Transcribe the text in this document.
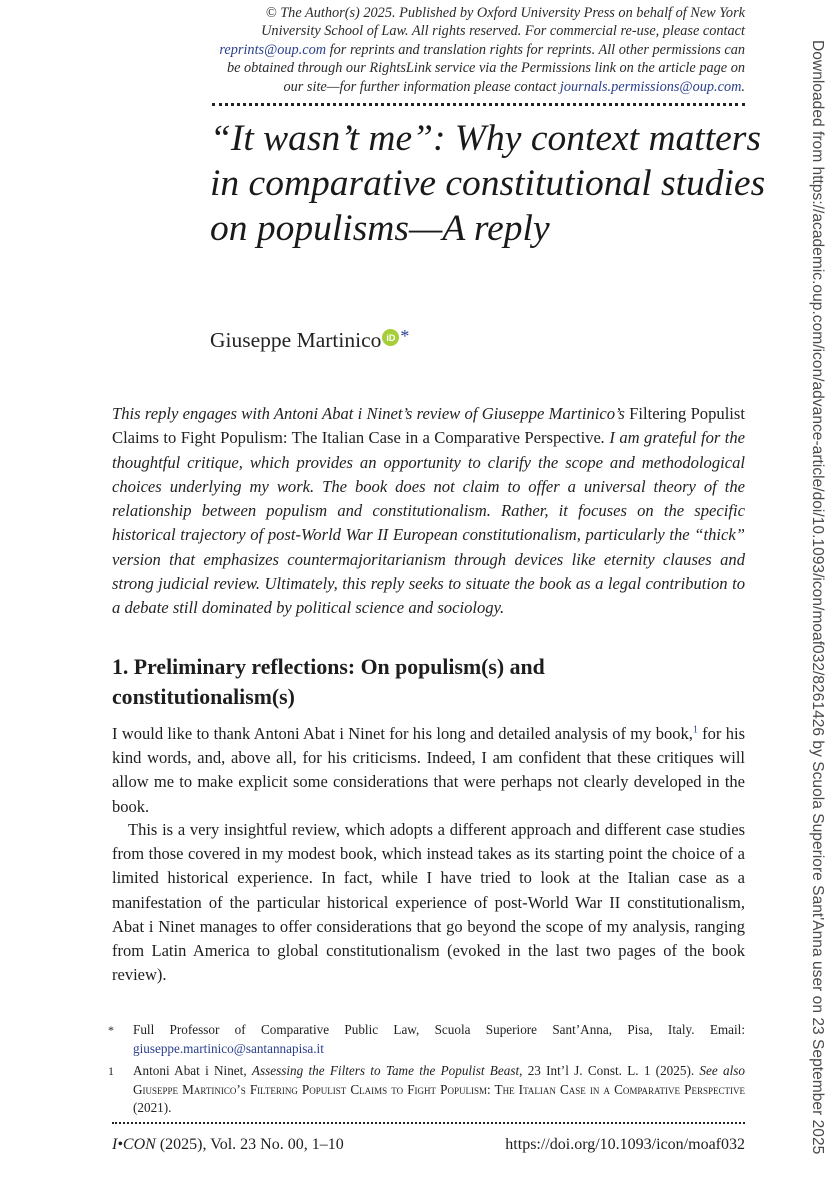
© The Author(s) 2025. Published by Oxford University Press on behalf of New York University School of Law. All rights reserved. For commercial re-use, please contact reprints@oup.com for reprints and translation rights for reprints. All other permissions can be obtained through our RightsLink service via the Permissions link on the article page on our site—for further information please contact journals.permissions@oup.com.
“It wasn’t me”: Why context matters in comparative constitutional studies on populisms—A reply
Giuseppe Martinico iD *

This reply engages with Antoni Abat i Ninet’s review of Giuseppe Martinico’s Filtering Populist Claims to Fight Populism: The Italian Case in a Comparative Perspective. I am grateful for the thoughtful critique, which provides an opportunity to clarify the scope and methodological choices underlying my work. The book does not claim to offer a universal theory of the relationship between populism and constitutionalism. Rather, it focuses on the specific historical trajectory of post-World War II European constitutionalism, particularly the “thick” version that emphasizes countermajoritarianism through devices like eternity clauses and strong judicial review. Ultimately, this reply seeks to situate the book as a legal contribution to a debate still dominated by political science and sociology.

1. Preliminary reflections: On populism(s) and constitutionalism(s)

I would like to thank Antoni Abat i Ninet for his long and detailed analysis of my book,$^1$ for his kind words, and, above all, for his criticisms. Indeed, I am confident that these critiques will allow me to make explicit some considerations that were perhaps not clearly developed in the book.

This is a very insightful review, which adopts a different approach and different case studies from those covered in my modest book, which instead takes as its starting point the choice of a limited historical experience. In fact, while I have tried to look at the Italian case as a manifestation of the particular historical experience of post-World War II constitutionalism, Abat i Ninet manages to offer considerations that go beyond the scope of my analysis, ranging from Latin America to global constitutionalism (evoked in the last two pages of the book review).

*	Full Professor of Comparative Public Law, Scuola Superiore Sant’Anna, Pisa, Italy. Email: giuseppe.martinico@santannapisa.it
1	Antoni Abat i Ninet, Assessing the Filters to Tame the Populist Beast, 23 Int’l J. Const. L. 1 (2025). See also Giuseppe Martinico’s Filtering Populist Claims to Fight Populism: The Italian Case in a Comparative Perspective (2021).
I•CON (2025), Vol. 23 No. 00, 1–10	https://doi.org/10.1093/icon/moaf032	Downloaded from https://academic.oup.com/icon/advance-article/doi/10.1093/icon/moaf032/8261426 by Scuola Superiore Sant'Anna user on 23 September 2025
